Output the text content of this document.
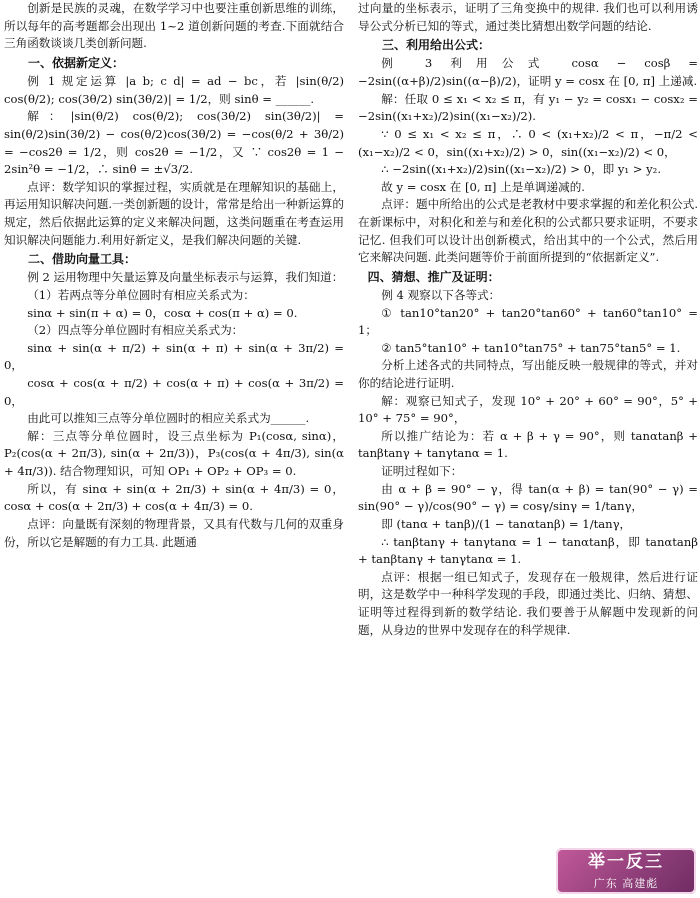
创新是民族的灵魂，在数学学习中也要注重创新思维的训练，所以每年的高考题都会出现出 1~2 道创新问题的考查.下面就结合三角函数谈谈几类创新问题.

一、依据新定义：

例 1 规定运算 |a b; c d| = ad − bc，若 |sin(θ/2) cos(θ/2); cos(3θ/2) sin(3θ/2)| = 1/2，则 sinθ = ______.

解：|sin(θ/2) cos(θ/2); cos(3θ/2) sin(3θ/2)| = sin(θ/2)sin(3θ/2) − cos(θ/2)cos(3θ/2) = −cos(θ/2 + 3θ/2) = −cos2θ = 1/2，则 cos2θ = −1/2，又 ∵ cos2θ = 1 − 2sin²θ = −1/2，∴ sinθ = ±√3/2.

点评：数学知识的掌握过程，实质就是在理解知识的基础上，再运用知识解决问题.一类创新题的设计，常常是给出一种新运算的规定，然后依据此运算的定义来解决问题，这类问题重在考查运用知识解决问题能力.利用好新定义，是我们解决问题的关键.

二、借助向量工具：

例 2 运用物理中矢量运算及向量坐标表示与运算，我们知道：

（1）若两点等分单位圆时有相应关系式为：

sinα + sin(π + α) = 0，cosα + cos(π + α) = 0.

（2）四点等分单位圆时有相应关系式为：

sinα + sin(α + π/2) + sin(α + π) + sin(α + 3π/2) = 0，

cosα + cos(α + π/2) + cos(α + π) + cos(α + 3π/2) = 0，

由此可以推知三点等分单位圆时的相应关系式为______.

解：三点等分单位圆时，设三点坐标为 P₁(cosα, sinα)，P₂(cos(α + 2π/3), sin(α + 2π/3))，P₃(cos(α + 4π/3), sin(α + 4π/3)). 结合物理知识，可知 OP₁ + OP₂ + OP₃ = 0.

所以，有 sinα + sin(α + 2π/3) + sin(α + 4π/3) = 0，cosα + cos(α + 2π/3) + cos(α + 4π/3) = 0.

点评：向量既有深刻的物理背景，又具有代数与几何的双重身份，所以它是解题的有力工具. 此题通

过向量的坐标表示，证明了三角变换中的规律. 我们也可以利用诱导公式分析已知的等式，通过类比猜想出数学问题的结论.

三、利用给出公式：

例 3 利用公式 cosα − cosβ = −2sin((α+β)/2)sin((α−β)/2)，证明 y = cosx 在 [0, π] 上递减.

解：任取 0 ≤ x₁ < x₂ ≤ π，有 y₁ − y₂ = cosx₁ − cosx₂ = −2sin((x₁+x₂)/2)sin((x₁−x₂)/2).

∵ 0 ≤ x₁ < x₂ ≤ π，∴ 0 < (x₁+x₂)/2 < π，−π/2 < (x₁−x₂)/2 < 0，sin((x₁+x₂)/2) > 0，sin((x₁−x₂)/2) < 0，

∴ −2sin((x₁+x₂)/2)sin((x₁−x₂)/2) > 0，即 y₁ > y₂.

故 y = cosx 在 [0, π] 上是单调递减的.

点评：题中所给出的公式是老教材中要求掌握的和差化积公式. 在新课标中，对积化和差与和差化积的公式都只要求证明，不要求记忆. 但我们可以设计出创新模式，给出其中的一个公式，然后用它来解决问题. 此类问题等价于前面所提到的“依据新定义”.

四、猜想、推广及证明：

例 4 观察以下各等式：

① tan10°tan20° + tan20°tan60° + tan60°tan10° = 1；

② tan5°tan10° + tan10°tan75° + tan75°tan5° = 1.

分析上述各式的共同特点，写出能反映一般规律的等式，并对你的结论进行证明.

解：观察已知式子，发现 10° + 20° + 60° = 90°，5° + 10° + 75° = 90°，

所以推广结论为：若 α + β + γ = 90°，则 tanαtanβ + tanβtanγ + tanγtanα = 1.

证明过程如下：

由 α + β = 90° − γ，得 tan(α + β) = tan(90° − γ) = sin(90° − γ)/cos(90° − γ) = cosγ/sinγ = 1/tanγ，

即 (tanα + tanβ)/(1 − tanαtanβ) = 1/tanγ，

∴ tanβtanγ + tanγtanα = 1 − tanαtanβ，即 tanαtanβ + tanβtanγ + tanγtanα = 1.

点评：根据一组已知式子，发现存在一般规律，然后进行证明，这是数学中一种科学发现的手段，即通过类比、归纳、猜想、证明等过程得到新的数学结论. 我们要善于从解题中发现新的问题，从身边的世界中发现存在的科学规律.

举一反三
广东 高建彪
